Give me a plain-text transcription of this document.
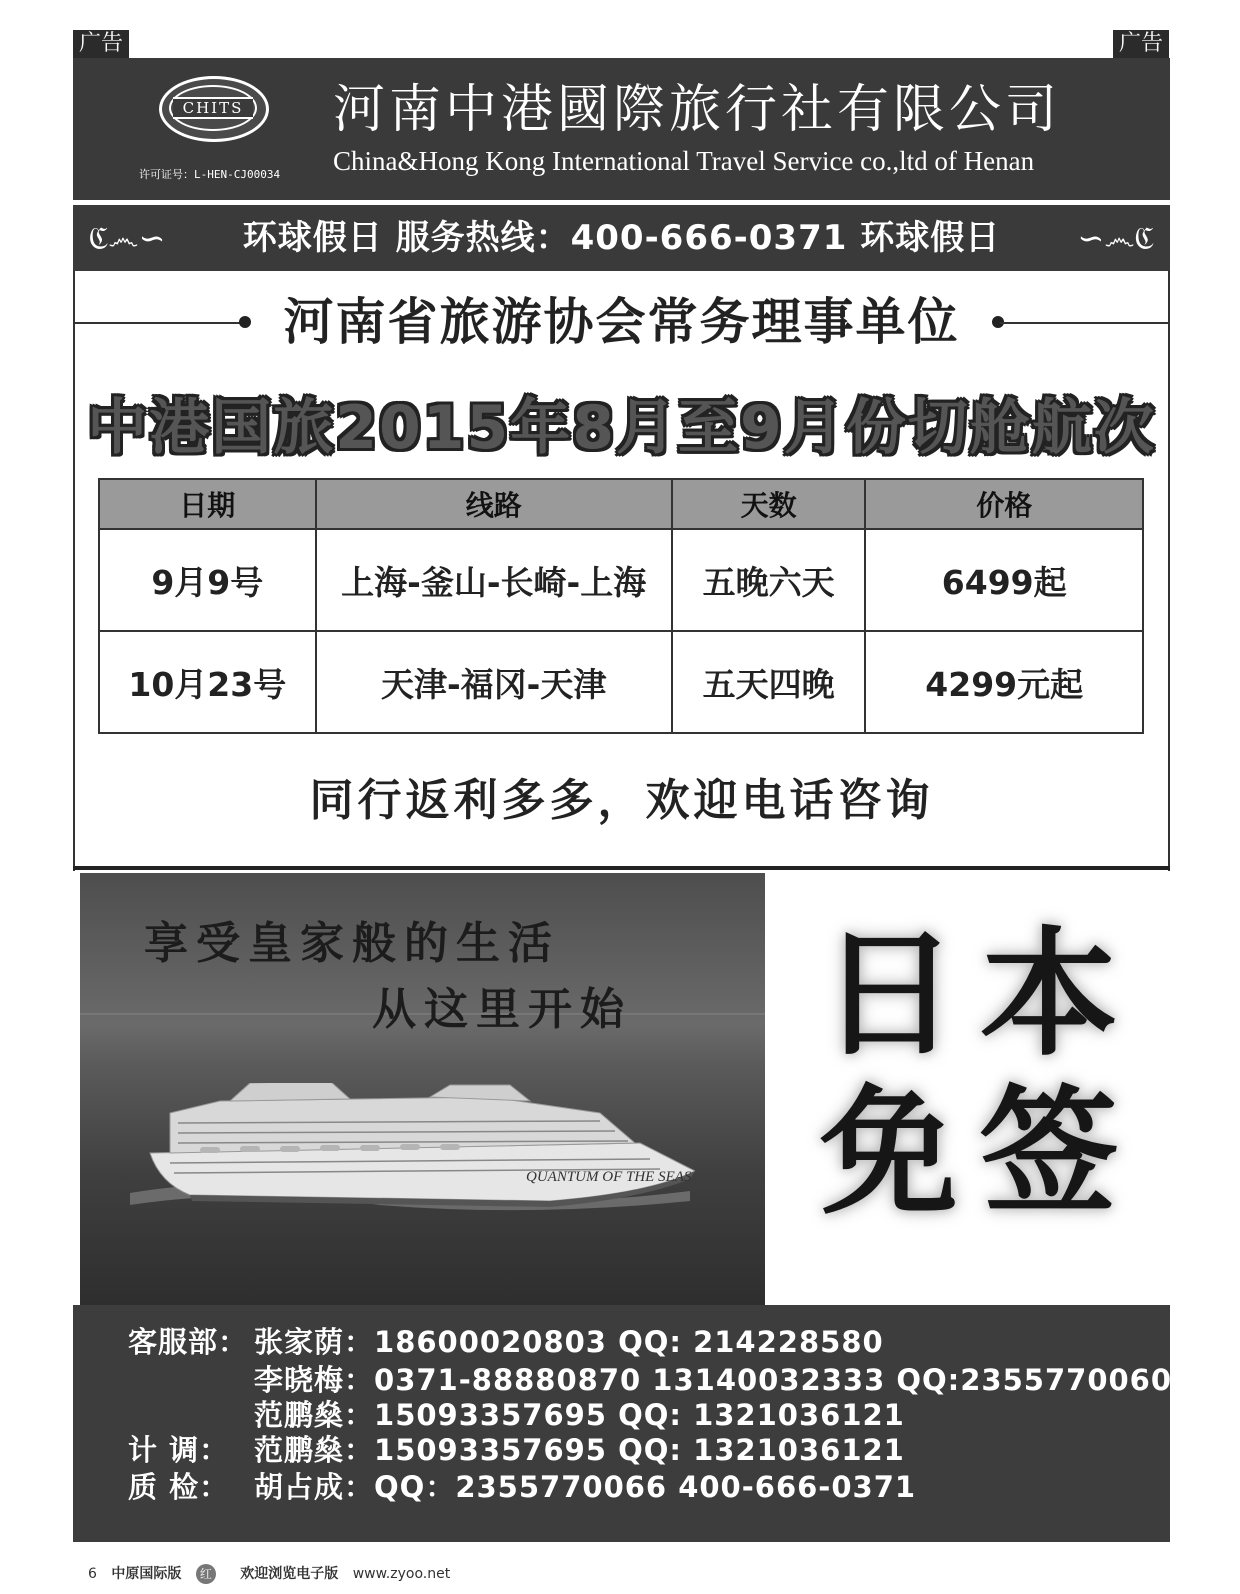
广告	广告
CHITS
许可证号：L-HEN-CJ00034
河南中港國際旅行社有限公司
China&Hong Kong International Travel Service co.,ltd of Henan
ℭ෴∽	环球假日 服务热线：400-666-0371 环球假日	∽෴ℭ
河南省旅游协会常务理事单位
中港国旅2015年8月至9月份切舱航次
日期	线路	天数	价格
9月9号	上海-釜山-长崎-上海	五晚六天	6499起
10月23号	天津-福冈-天津	五天四晚	4299元起
同行返利多多，欢迎电话咨询
享受皇家般的生活
从这里开始
QUANTUM OF THE SEAS
日 本
免 签
客服部： 张家荫：18600020803 QQ: 214228580
李晓梅：0371-88880870 13140032333 QQ:2355770060
范鹏燊：15093357695 QQ: 1321036121
计 调： 范鹏燊：15093357695 QQ: 1321036121
质 检： 胡占成：QQ：2355770066 400-666-0371
6 中原国际版 红 欢迎浏览电子版 www.zyoo.net
